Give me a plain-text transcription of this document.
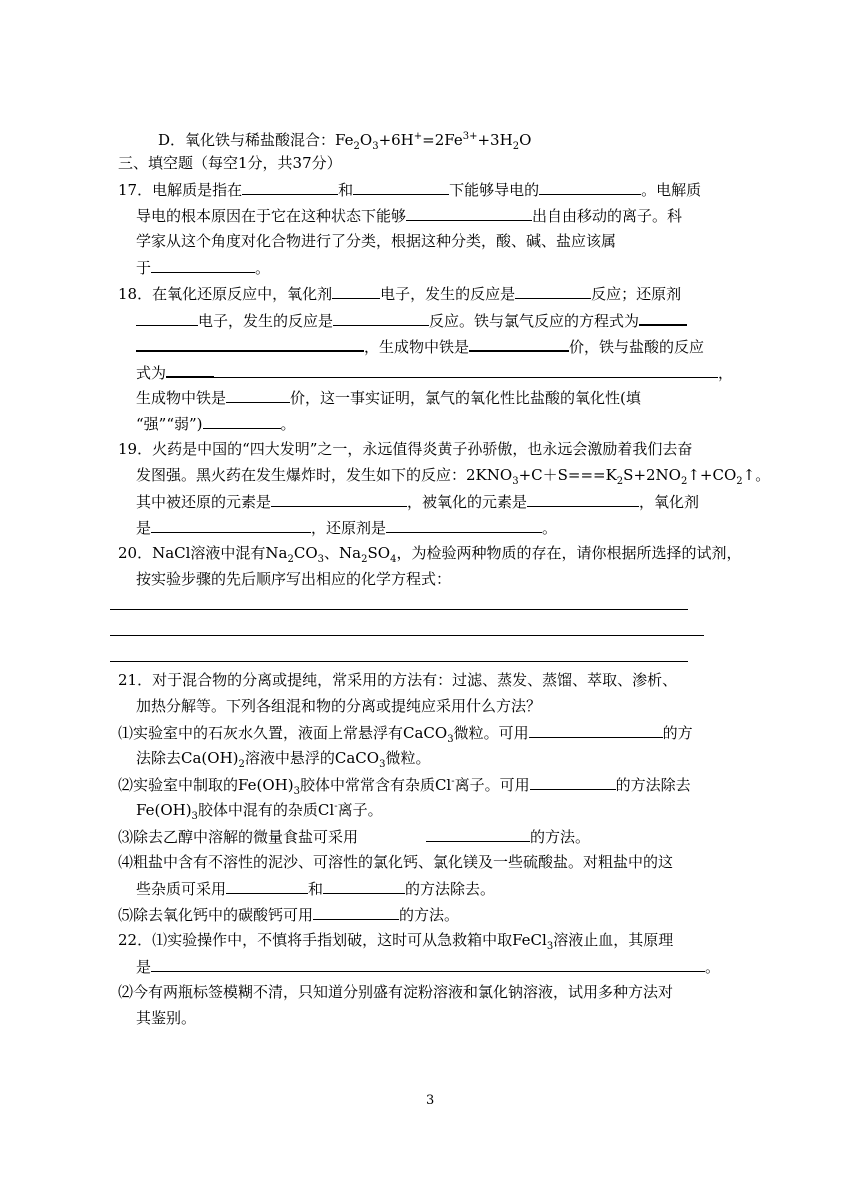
D．氧化铁与稀盐酸混合：$Fe_2O_3+6H^+=2Fe^{3+}+3H_2O$
三、填空题（每空1分，共37分）
17．电解质是指在	和	下能够导电的	。电解质
导电的根本原因在于它在这种状态下能够	出自由移动的离子。科
学家从这个角度对化合物进行了分类，根据这种分类，酸、碱、盐应该属
于	。
18．在氧化还原反应中，氧化剂	电子，发生的反应是	反应；还原剂
电子，发生的反应是	反应。铁与氯气反应的方程式为
，生成物中铁是	价，铁与盐酸的反应
式为	，
生成物中铁是	价，这一事实证明，氯气的氧化性比盐酸的氧化性(填
“强”“弱”)	。
19．火药是中国的“四大发明”之一，永远值得炎黄子孙骄傲，也永远会激励着我们去奋
发图强。黑火药在发生爆炸时，发生如下的反应：$2KNO_3+C+S===K_2S+2NO_2↑+CO_2↑$。
其中被还原的元素是	，被氧化的元素是	，氧化剂
是	，还原剂是	。
20．NaCl溶液中混有$Na_2CO_3$、$Na_2SO_4$，为检验两种物质的存在，请你根据所选择的试剂，
按实验步骤的先后顺序写出相应的化学方程式：
21．对于混合物的分离或提纯，常采用的方法有：过滤、蒸发、蒸馏、萃取、渗析、
加热分解等。下列各组混和物的分离或提纯应采用什么方法？
⑴实验室中的石灰水久置，液面上常悬浮有CaCO$_3$微粒。可用	的方
法除去$Ca(OH)_2$溶液中悬浮的CaCO$_3$微粒。
⑵实验室中制取的$Fe(OH)_3$胶体中常常含有杂质Cl-离子。可用	的方法除去
$Fe(OH)_3$胶体中混有的杂质Cl-离子。
⑶除去乙醇中溶解的微量食盐可采用	的方法。
⑷粗盐中含有不溶性的泥沙、可溶性的氯化钙、氯化镁及一些硫酸盐。对粗盐中的这
些杂质可采用	和	的方法除去。
⑸除去氧化钙中的碳酸钙可用	的方法。
22．⑴实验操作中，不慎将手指划破，这时可从急救箱中取FeCl$_3$溶液止血，其原理
是	。
⑵今有两瓶标签模糊不清，只知道分别盛有淀粉溶液和氯化钠溶液，试用多种方法对
其鉴别。
3
